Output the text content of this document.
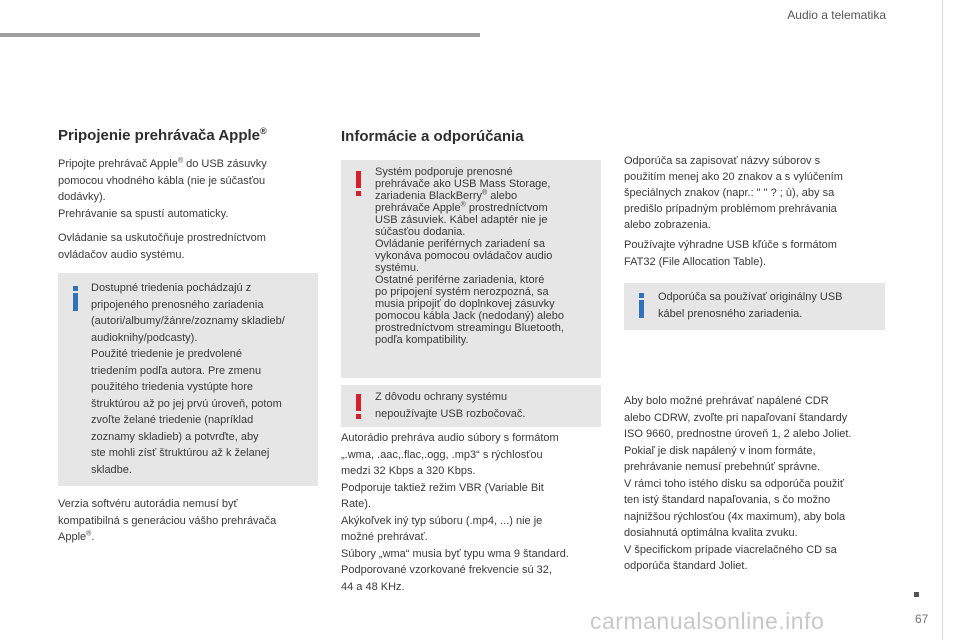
Audio a telematika
Pripojenie prehrávača Apple®

Pripojte prehrávač Apple® do USB zásuvky
pomocou vhodného kábla (nie je súčasťou
dodávky).
Prehrávanie sa spustí automaticky.

Ovládanie sa uskutočňuje prostredníctvom
ovládačov audio systému.

Dostupné triedenia pochádzajú z
pripojeného prenosného zariadenia
(autori/albumy/žánre/zoznamy skladieb/
audioknihy/podcasty).
Použité triedenie je predvolené
triedením podľa autora. Pre zmenu
použitého triedenia vystúpte hore
štruktúrou až po jej prvú úroveň, potom
zvoľte želané triedenie (napríklad
zoznamy skladieb) a potvrďte, aby
ste mohli zísť štruktúrou až k želanej
skladbe.

Verzia softvéru autorádia nemusí byť
kompatibilná s generáciou vášho prehrávača
Apple®.

Informácie a odporúčania

Systém podporuje prenosné
prehrávače ako USB Mass Storage,
zariadenia BlackBerry® alebo
prehrávače Apple® prostredníctvom
USB zásuviek. Kábel adaptér nie je
súčasťou dodania.
Ovládanie periférnych zariadení sa
vykonáva pomocou ovládačov audio
systému.
Ostatné periférne zariadenia, ktoré
po pripojení systém nerozpozná, sa
musia pripojiť do doplnkovej zásuvky
pomocou kábla Jack (nedodaný) alebo
prostredníctvom streamingu Bluetooth,
podľa kompatibility.

Z dôvodu ochrany systému
nepoužívajte USB rozbočovač.

Autorádio prehráva audio súbory s formátom
„.wma, .aac,.flac,.ogg, .mp3“ s rýchlosťou
medzi 32 Kbps a 320 Kbps.
Podporuje taktiež režim VBR (Variable Bit
Rate).
Akýkoľvek iný typ súboru (.mp4, ...) nie je
možné prehrávať.
Súbory „wma“ musia byť typu wma 9 štandard.
Podporované vzorkované frekvencie sú 32,
44 a 48 KHz.

Odporúča sa zapisovať názvy súborov s
použitím menej ako 20 znakov a s vylúčením
špeciálnych znakov (napr.: " " ? ; ù), aby sa
predišlo prípadným problémom prehrávania
alebo zobrazenia.

Používajte výhradne USB kľúče s formátom
FAT32 (File Allocation Table).

Odporúča sa používať originálny USB
kábel prenosného zariadenia.

Aby bolo možné prehrávať napálené CDR
alebo CDRW, zvoľte pri napaľovaní štandardy
ISO 9660, prednostne úroveň 1, 2 alebo Joliet.
Pokiaľ je disk napálený v inom formáte,
prehrávanie nemusí prebehnúť správne.
V rámci toho istého disku sa odporúča použiť
ten istý štandard napaľovania, s čo možno
najnižšou rýchlosťou (4x maximum), aby bola
dosiahnutá optimálna kvalita zvuku.
V špecifickom prípade viacrelačného CD sa
odporúča štandard Joliet.

67
carmanualsonline.info
